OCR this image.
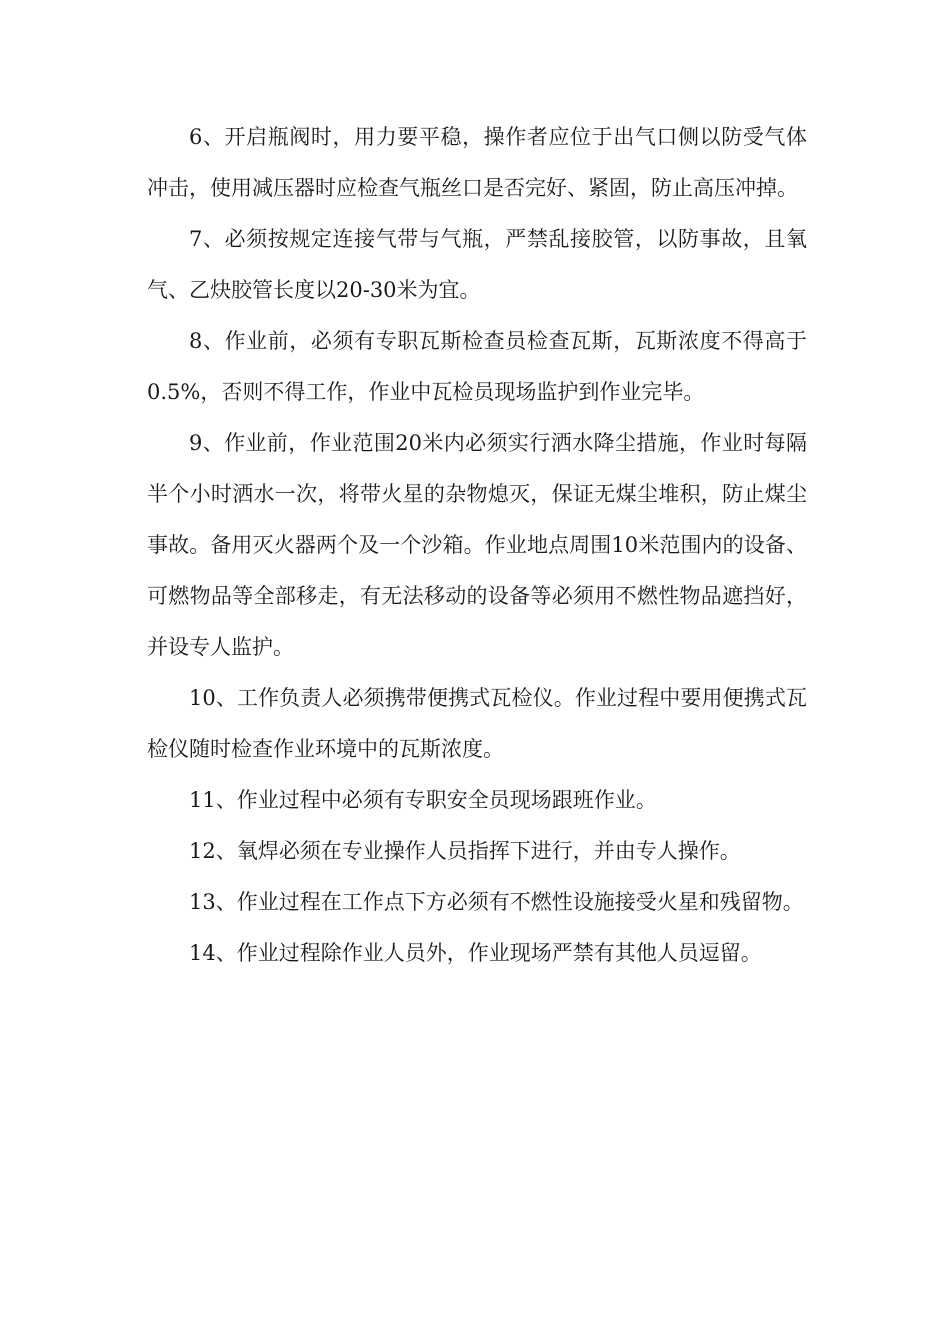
6、开启瓶阀时，用力要平稳，操作者应位于出气口侧以防受气体冲击，使用减压器时应检查气瓶丝口是否完好、紧固，防止高压冲掉。

7、必须按规定连接气带与气瓶，严禁乱接胶管，以防事故，且氧气、乙炔胶管长度以20-30米为宜。

8、作业前，必须有专职瓦斯检查员检查瓦斯，瓦斯浓度不得高于0.5%，否则不得工作，作业中瓦检员现场监护到作业完毕。

9、作业前，作业范围20米内必须实行洒水降尘措施，作业时每隔半个小时洒水一次，将带火星的杂物熄灭，保证无煤尘堆积，防止煤尘事故。备用灭火器两个及一个沙箱。作业地点周围10米范围内的设备、可燃物品等全部移走，有无法移动的设备等必须用不燃性物品遮挡好，并设专人监护。

10、工作负责人必须携带便携式瓦检仪。作业过程中要用便携式瓦检仪随时检查作业环境中的瓦斯浓度。

11、作业过程中必须有专职安全员现场跟班作业。

12、氧焊必须在专业操作人员指挥下进行，并由专人操作。

13、作业过程在工作点下方必须有不燃性设施接受火星和残留物。

14、作业过程除作业人员外，作业现场严禁有其他人员逗留。
